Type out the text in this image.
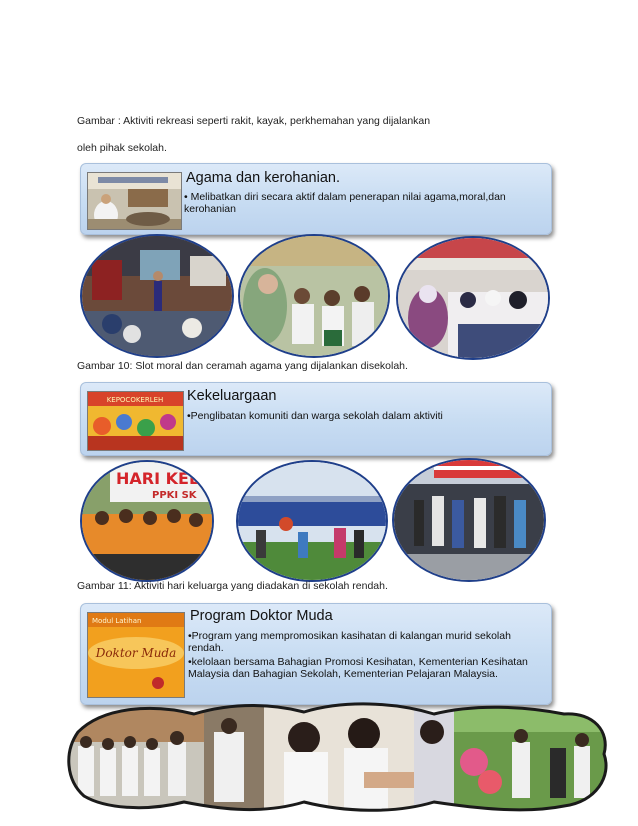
Gambar : Aktiviti rekreasi seperti rakit, kayak, perkhemahan yang dijalankan
oleh pihak sekolah.
Agama dan kerohanian.
• Melibatkan diri secara aktif dalam penerapan nilai agama,moral,dan kerohanian
Gambar 10: Slot moral dan ceramah agama yang dijalankan disekolah.
KEPOCOKERLEH Kekeluargaan
•Penglibatan komuniti dan warga sekolah dalam aktiviti
HARI KEL
PPKI SK
Gambar 11: Aktiviti hari keluarga yang diadakan di sekolah rendah.
Modul Latihan
Doktor Muda
Program Doktor Muda
•Program yang mempromosikan kasihatan di kalangan murid sekolah rendah.
•kelolaan bersama Bahagian Promosi Kesihatan, Kementerian Kesihatan Malaysia dan Bahagian Sekolah, Kementerian Pelajaran Malaysia.
